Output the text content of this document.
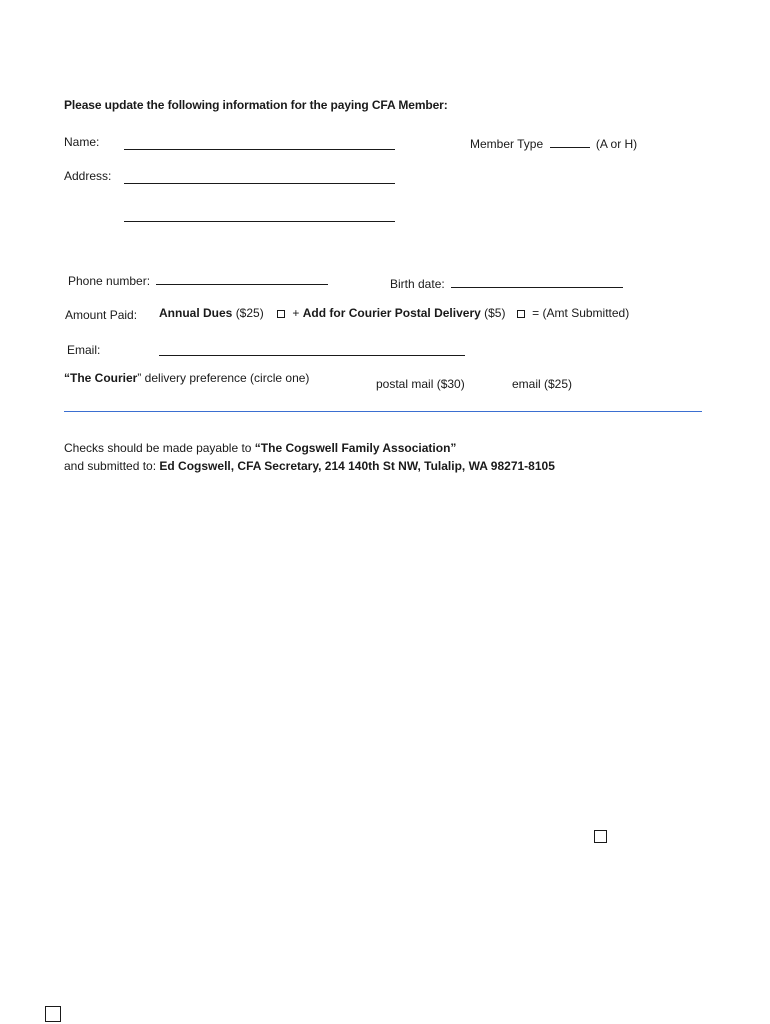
Please update the following information for the paying CFA Member:
Name:	Member Type	(A or H)
Address:
Phone number:	Birth date:
Amount Paid: Annual Dues ($25) + Add for Courier Postal Delivery ($5) = (Amt Submitted)
Email:
“The Courier” delivery preference (circle one)	postal mail ($30)	email ($25)
Checks should be made payable to “The Cogswell Family Association”
and submitted to: Ed Cogswell, CFA Secretary, 214 140th St NW, Tulalip, WA 98271-8105
